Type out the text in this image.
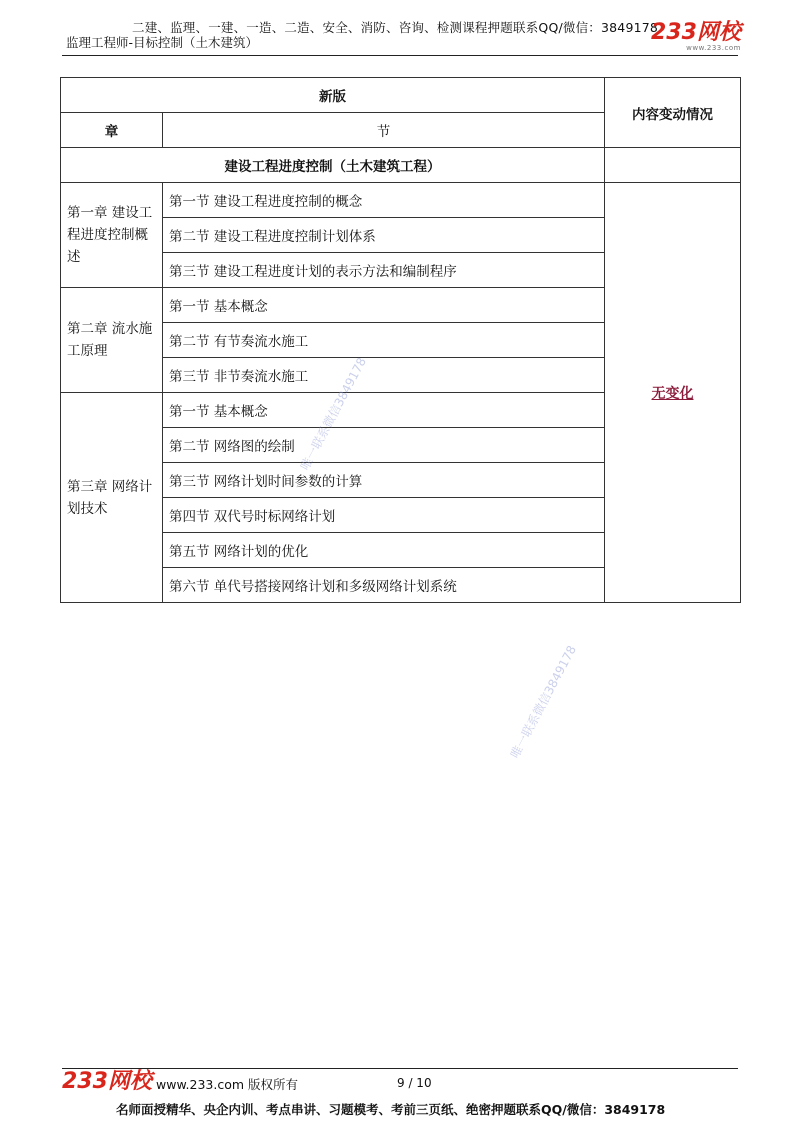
二建、监理、一建、一造、二造、安全、消防、咨询、检测课程押题联系QQ/微信：3849178
监理工程师-目标控制（土木建筑）	233网校
www.233.com
新版		内容变动情况
章	节	
建设工程进度控制（土木建筑工程）		
第一章 建设工程进度控制概述	第一节 建设工程进度控制的概念	无变化
	第二节 建设工程进度控制计划体系	
	第三节 建设工程进度计划的表示方法和编制程序	
第二章 流水施工原理	第一节 基本概念	
	第二节 有节奏流水施工	
	第三节 非节奏流水施工	
第三章 网络计划技术	第一节 基本概念	
	第二节 网络图的绘制	
	第三节 网络计划时间参数的计算	
	第四节 双代号时标网络计划	
	第五节 网络计划的优化	
	第六节 单代号搭接网络计划和多级网络计划系统	
唯一联系微信3849178
唯一联系微信3849178
233网校 www.233.com 版权所有	9 / 10
名师面授精华、央企内训、考点串讲、习题模考、考前三页纸、绝密押题联系QQ/微信：3849178
